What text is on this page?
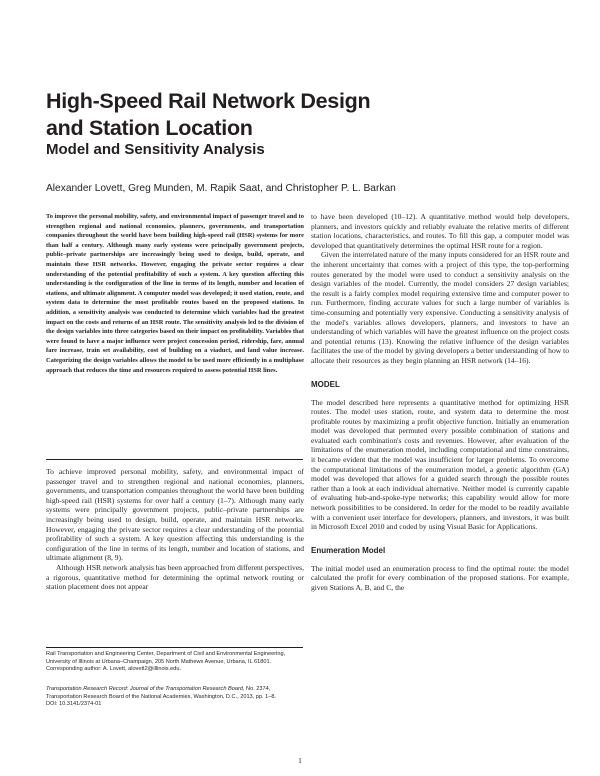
High-Speed Rail Network Design
and Station Location
Model and Sensitivity Analysis

Alexander Lovett, Greg Munden, M. Rapik Saat, and Christopher P. L. Barkan

To improve the personal mobility, safety, and environmental impact of passenger travel and to strengthen regional and national economies, planners, governments, and transportation companies throughout the world have been building high-speed rail (HSR) systems for more than half a century. Although many early systems were principally government projects, public–private partnerships are increasingly being used to design, build, operate, and maintain these HSR networks. However, engaging the private sector requires a clear understanding of the potential profitability of such a system. A key question affecting this understanding is the configuration of the line in terms of its length, number and location of stations, and ultimate alignment. A computer model was developed; it used station, route, and system data to determine the most profitable routes based on the proposed stations. In addition, a sensitivity analysis was conducted to determine which variables had the greatest impact on the costs and returns of an HSR route. The sensitivity analysis led to the division of the design variables into three categories based on their impact on profitability. Variables that were found to have a major influence were project concession period, ridership, fare, annual fare increase, train set availability, cost of building on a viaduct, and land value increase. Categorizing the design variables allows the model to be used more efficiently in a multiphase approach that reduces the time and resources required to assess potential HSR lines.

To achieve improved personal mobility, safety, and environmental impact of passenger travel and to strengthen regional and national economies, planners, governments, and transportation companies throughout the world have been building high-speed rail (HSR) systems for over half a century (1–7). Although many early systems were principally government projects, public–private partnerships are increasingly being used to design, build, operate, and maintain HSR networks. However, engaging the private sector requires a clear understanding of the potential profitability of such a system. A key question affecting this understanding is the configuration of the line in terms of its length, number and location of stations, and ultimate alignment (8, 9).

Although HSR network analysis has been approached from different perspectives, a rigorous, quantitative method for determining the optimal network routing or station placement does not appear

Rail Transportation and Engineering Center, Department of Civil and Environmental Engineering, University of Illinois at Urbana–Champaign, 205 North Mathews Avenue, Urbana, IL 61801. Corresponding author: A. Lovett, alovett2@illinois.edu.

Transportation Research Record: Journal of the Transportation Research Board, No. 2374, Transportation Research Board of the National Academies, Washington, D.C., 2013, pp. 1–8.
DOI: 10.3141/2374-01

to have been developed (10–12). A quantitative method would help developers, planners, and investors quickly and reliably evaluate the relative merits of different station locations, characteristics, and routes. To fill this gap, a computer model was developed that quantitatively determines the optimal HSR route for a region.

Given the interrelated nature of the many inputs considered for an HSR route and the inherent uncertainty that comes with a project of this type, the top-performing routes generated by the model were used to conduct a sensitivity analysis on the design variables of the model. Currently, the model considers 27 design variables; the result is a fairly complex model requiring extensive time and computer power to run. Furthermore, finding accurate values for such a large number of variables is time-consuming and potentially very expensive. Conducting a sensitivity analysis of the model's variables allows developers, planners, and investors to have an understanding of which variables will have the greatest influence on the project costs and potential returns (13). Knowing the relative influence of the design variables facilitates the use of the model by giving developers a better understanding of how to allocate their resources as they begin planning an HSR network (14–16).

MODEL

The model described here represents a quantitative method for optimizing HSR routes. The model uses station, route, and system data to determine the most profitable routes by maximizing a profit objective function. Initially an enumeration model was developed that permuted every possible combination of stations and evaluated each combination's costs and revenues. However, after evaluation of the limitations of the enumeration model, including computational and time constraints, it became evident that the model was insufficient for larger problems. To overcome the computational limitations of the enumeration model, a genetic algorithm (GA) model was developed that allows for a guided search through the possible routes rather than a look at each individual alternative. Neither model is currently capable of evaluating hub-and-spoke-type networks; this capability would allow for more network possibilities to be considered. In order for the model to be readily available with a convenient user interface for developers, planners, and investors, it was built in Microsoft Excel 2010 and coded by using Visual Basic for Applications.

Enumeration Model

The initial model used an enumeration process to find the optimal route: the model calculated the profit for every combination of the proposed stations. For example, given Stations A, B, and C, the

1
